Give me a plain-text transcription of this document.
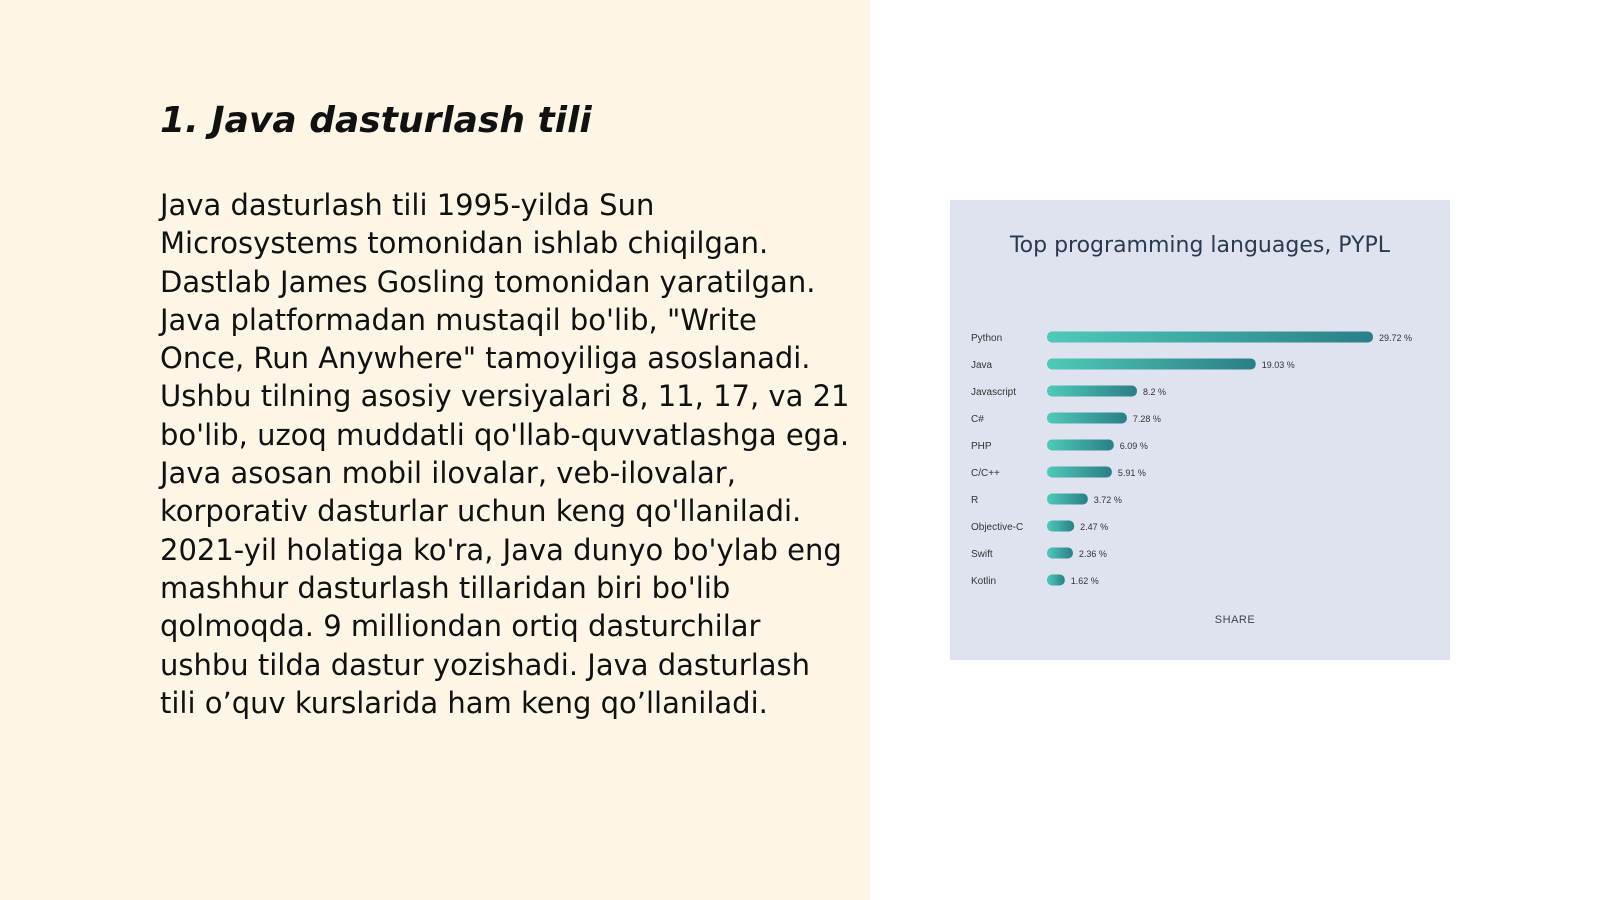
1. Java dasturlash tili

Java dasturlash tili 1995-yilda Sun Microsystems tomonidan ishlab chiqilgan. Dastlab James Gosling tomonidan yaratilgan. Java platformadan mustaqil bo'lib, "Write Once, Run Anywhere" tamoyiliga asoslanadi. Ushbu tilning asosiy versiyalari 8, 11, 17, va 21 bo'lib, uzoq muddatli qo'llab-quvvatlashga ega. Java asosan mobil ilovalar, veb-ilovalar, korporativ dasturlar uchun keng qo'llaniladi. 2021-yil holatiga ko'ra, Java dunyo bo'ylab eng mashhur dasturlash tillaridan biri bo'lib qolmoqda. 9 milliondan ortiq dasturchilar ushbu tilda dastur yozishadi. Java dasturlash tili o’quv kurslarida ham keng qo’llaniladi.

Python	29.72 %
Java	19.03 %
Javascript	8.2 %
C#	7.28 %
PHP	6.09 %
C/C++	5.91 %
R	3.72 %
Objective-C	2.47 %
Swift	2.36 %
Kotlin	1.62 %
Top programming languages, PYPL
SHARE
